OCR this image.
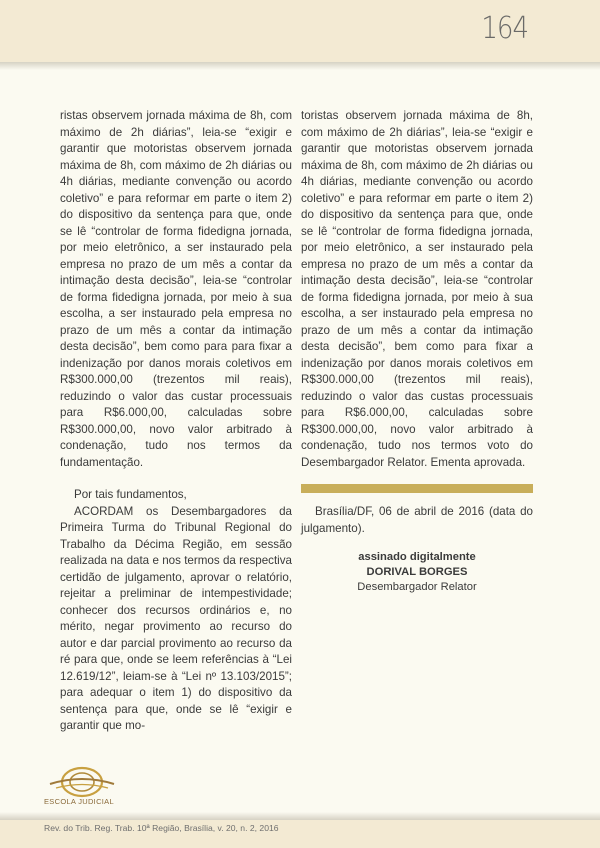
164

ristas observem jornada máxima de 8h, com máximo de 2h diárias”, leia-se “exigir e garantir que motoristas observem jornada máxima de 8h, com máximo de 2h diárias ou 4h diárias, mediante convenção ou acordo coletivo” e para reformar em parte o item 2) do dispositivo da sentença para que, onde se lê “controlar de forma fidedigna jornada, por meio eletrônico, a ser instaurado pela empresa no prazo de um mês a contar da intimação desta decisão”, leia-se “controlar de forma fidedigna jornada, por meio à sua escolha, a ser instaurado pela empresa no prazo de um mês a contar da intimação desta decisão”, bem como para para fixar a indenização por danos morais coletivos em R$300.000,00 (trezentos mil reais), reduzindo o valor das custar processuais para R$6.000,00, calculadas sobre R$300.000,00, novo valor arbitrado à condenação, tudo nos termos da fundamentação.

Por tais fundamentos,

ACORDAM os Desembargadores da Primeira Turma do Tribunal Regional do Trabalho da Décima Região, em sessão realizada na data e nos termos da respectiva certidão de julgamento, aprovar o relatório, rejeitar a preliminar de intempestividade; conhecer dos recursos ordinários e, no mérito, negar provimento ao recurso do autor e dar parcial provimento ao recurso da ré para que, onde se leem referências à “Lei 12.619/12”, leiam-se à “Lei nº 13.103/2015”; para adequar o item 1) do dispositivo da sentença para que, onde se lê “exigir e garantir que mo-

toristas observem jornada máxima de 8h, com máximo de 2h diárias”, leia-se “exigir e garantir que motoristas observem jornada máxima de 8h, com máximo de 2h diárias ou 4h diárias, mediante convenção ou acordo coletivo” e para reformar em parte o item 2) do dispositivo da sentença para que, onde se lê “controlar de forma fidedigna jornada, por meio eletrônico, a ser instaurado pela empresa no prazo de um mês a contar da intimação desta decisão”, leia-se “controlar de forma fidedigna jornada, por meio à sua escolha, a ser instaurado pela empresa no prazo de um mês a contar da intimação desta decisão”, bem como para fixar a indenização por danos morais coletivos em R$300.000,00 (trezentos mil reais), reduzindo o valor das custas processuais para R$6.000,00, calculadas sobre R$300.000,00, novo valor arbitrado à condenação, tudo nos termos voto do Desembargador Relator. Ementa aprovada.

Brasília/DF, 06 de abril de 2016 (data do julgamento).

assinado digitalmente
DORIVAL BORGES
Desembargador Relator
ESCOLA JUDICIAL
Rev. do Trib. Reg. Trab. 10ª Região, Brasília, v. 20, n. 2, 2016
